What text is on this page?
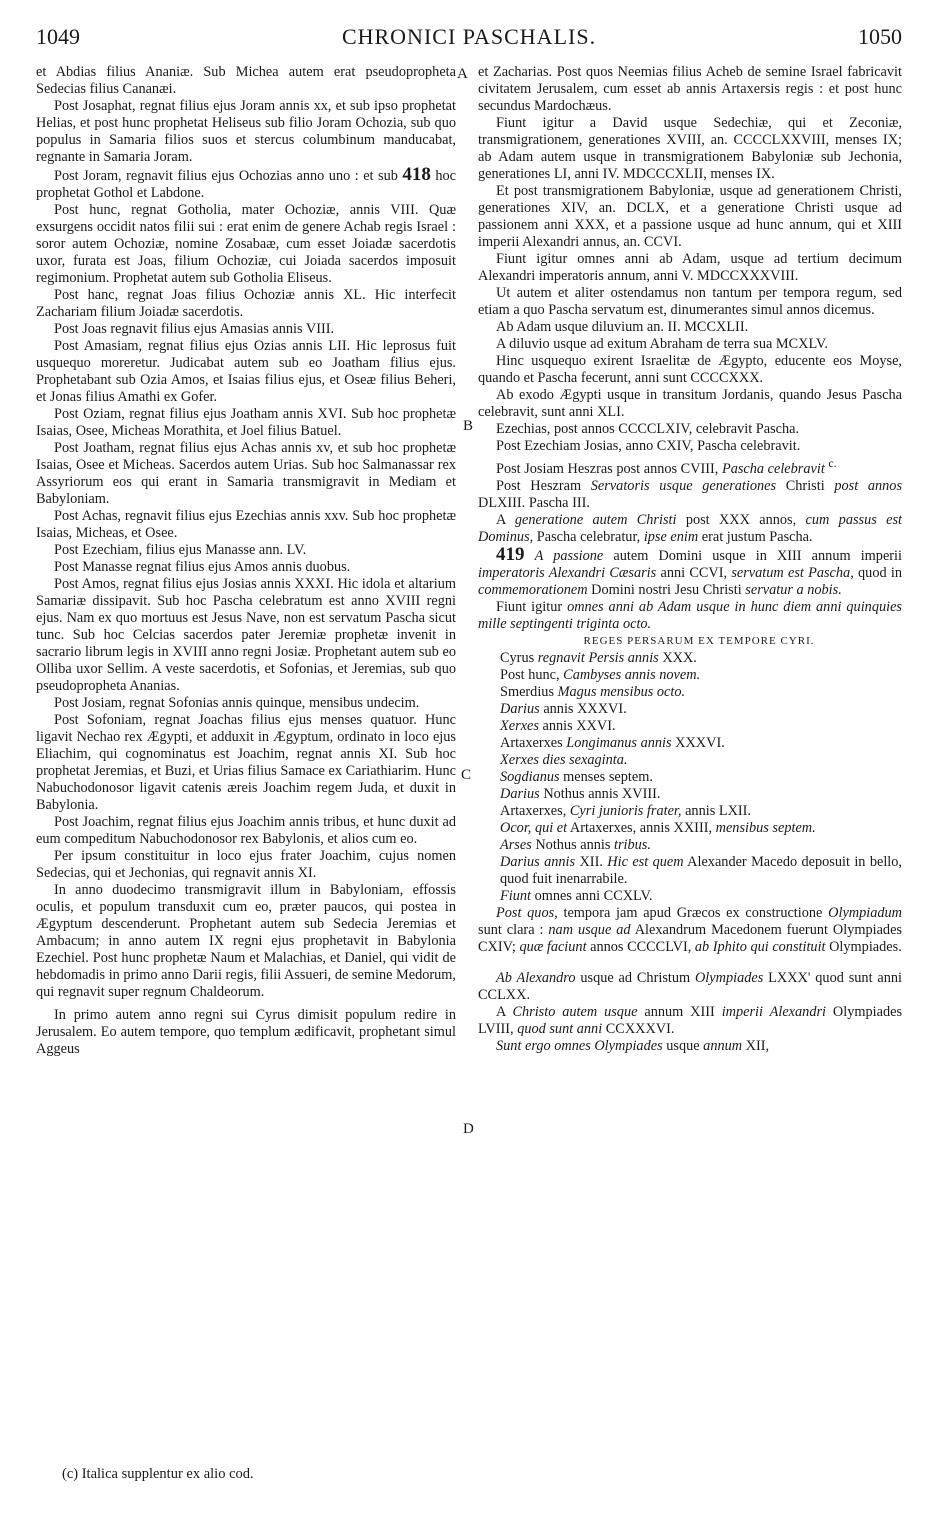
1049	CHRONICI PASCHALIS.	1050
A
B
C
D

et Abdias filius Ananiæ. Sub Michea autem erat pseudopropheta Sedecias filius Cananæi.

Post Josaphat, regnat filius ejus Joram annis xx, et sub ipso prophetat Helias, et post hunc prophetat Heliseus sub filio Joram Ochozia, sub quo populus in Samaria filios suos et stercus columbinum manducabat, regnante in Samaria Joram.

Post Joram, regnavit filius ejus Ochozias anno uno : et sub 418 hoc prophetat Gothol et Labdone.

Post hunc, regnat Gotholia, mater Ochoziæ, annis VIII. Quæ exsurgens occidit natos filii sui : erat enim de genere Achab regis Israel : soror autem Ochoziæ, nomine Zosabaæ, cum esset Joiadæ sacerdotis uxor, furata est Joas, filium Ochoziæ, cui Joiada sacerdos imposuit regimonium. Prophetat autem sub Gotholia Eliseus.

Post hanc, regnat Joas filius Ochoziæ annis XL. Hic interfecit Zachariam filium Joiadæ sacerdotis.

Post Joas regnavit filius ejus Amasias annis VIII.

Post Amasiam, regnat filius ejus Ozias annis LII. Hic leprosus fuit usquequo moreretur. Judicabat autem sub eo Joatham filius ejus. Prophetabant sub Ozia Amos, et Isaias filius ejus, et Oseæ filius Beheri, et Jonas filius Amathi ex Gofer.

Post Oziam, regnat filius ejus Joatham annis XVI. Sub hoc prophetæ Isaias, Osee, Micheas Morathita, et Joel filius Batuel.

Post Joatham, regnat filius ejus Achas annis xv, et sub hoc prophetæ Isaias, Osee et Micheas. Sacerdos autem Urias. Sub hoc Salmanassar rex Assyriorum eos qui erant in Samaria transmigravit in Mediam et Babyloniam.

Post Achas, regnavit filius ejus Ezechias annis xxv. Sub hoc prophetæ Isaias, Micheas, et Osee.

Post Ezechiam, filius ejus Manasse ann. LV.

Post Manasse regnat filius ejus Amos annis duobus.

Post Amos, regnat filius ejus Josias annis XXXI. Hic idola et altarium Samariæ dissipavit. Sub hoc Pascha celebratum est anno XVIII regni ejus. Nam ex quo mortuus est Jesus Nave, non est servatum Pascha sicut tunc. Sub hoc Celcias sacerdos pater Jeremiæ prophetæ invenit in sacrario librum legis in XVIII anno regni Josiæ. Prophetant autem sub eo Olliba uxor Sellim. A veste sacerdotis, et Sofonias, et Jeremias, sub quo pseudopropheta Ananias.

Post Josiam, regnat Sofonias annis quinque, mensibus undecim.

Post Sofoniam, regnat Joachas filius ejus menses quatuor. Hunc ligavit Nechao rex Ægypti, et adduxit in Ægyptum, ordinato in loco ejus Eliachim, qui cognominatus est Joachim, regnat annis XI. Sub hoc prophetat Jeremias, et Buzi, et Urias filius Samace ex Cariathiarim. Hunc Nabuchodonosor ligavit catenis æreis Joachim regem Juda, et duxit in Babylonia.

Post Joachim, regnat filius ejus Joachim annis tribus, et hunc duxit ad eum compeditum Nabuchodonosor rex Babylonis, et alios cum eo.

Per ipsum constituitur in loco ejus frater Joachim, cujus nomen Sedecias, qui et Jechonias, qui regnavit annis XI.

In anno duodecimo transmigravit illum in Babyloniam, effossis oculis, et populum transduxit cum eo, præter paucos, qui postea in Ægyptum descenderunt. Prophetant autem sub Sedecia Jeremias et Ambacum; in anno autem IX regni ejus prophetavit in Babylonia Ezechiel. Post hunc prophetæ Naum et Malachias, et Daniel, qui vidit de hebdomadis in primo anno Darii regis, filii Assueri, de semine Medorum, qui regnavit super regnum Chaldeorum.

In primo autem anno regni sui Cyrus dimisit populum redire in Jerusalem. Eo autem tempore, quo templum ædificavit, prophetant simul Aggeus

et Zacharias. Post quos Neemias filius Acheb de semine Israel fabricavit civitatem Jerusalem, cum esset ab annis Artaxersis regis : et post hunc secundus Mardochæus.

Fiunt igitur a David usque Sedechiæ, qui et Zeconiæ, transmigrationem, generationes XVIII, an. CCCCLXXVIII, menses IX; ab Adam autem usque in transmigrationem Babyloniæ sub Jechonia, generationes LI, anni IV. MDCCCXLII, menses IX.

Et post transmigrationem Babyloniæ, usque ad generationem Christi, generationes XIV, an. DCLX, et a generatione Christi usque ad passionem anni XXX, et a passione usque ad hunc annum, qui et XIII imperii Alexandri annus, an. CCVI.

Fiunt igitur omnes anni ab Adam, usque ad tertium decimum Alexandri imperatoris annum, anni V. MDCCXXXVIII.

Ut autem et aliter ostendamus non tantum per tempora regum, sed etiam a quo Pascha servatum est, dinumerantes simul annos dicemus.

Ab Adam usque diluvium an. II. MCCXLII.

A diluvio usque ad exitum Abraham de terra sua MCXLV.

Hinc usquequo exirent Israelitæ de Ægypto, educente eos Moyse, quando et Pascha fecerunt, anni sunt CCCCXXX.

Ab exodo Ægypti usque in transitum Jordanis, quando Jesus Pascha celebravit, sunt anni XLI.

Ezechias, post annos CCCCLXIV, celebravit Pascha.

Post Ezechiam Josias, anno CXIV, Pascha celebravit.

Post Josiam Heszras post annos CVIII, Pascha celebravit $^{c.}$

Post Heszram Servatoris usque generationes Christi post annos DLXIII. Pascha III.

A generatione autem Christi post XXX annos, cum passus est Dominus, Pascha celebratur, ipse enim erat justum Pascha.

419 A passione autem Domini usque in XIII annum imperii imperatoris Alexandri Cæsaris anni CCVI, servatum est Pascha, quod in commemorationem Domini nostri Jesu Christi servatur a nobis.

Fiunt igitur omnes anni ab Adam usque in hunc diem anni quinquies mille septingenti triginta octo.

REGES PERSARUM EX TEMPORE CYRI.

Cyrus regnavit Persis annis XXX.

Post hunc, Cambyses annis novem.

Smerdius Magus mensibus octo.

Darius annis XXXVI.

Xerxes annis XXVI.

Artaxerxes Longimanus annis XXXVI.

Xerxes dies sexaginta.

Sogdianus menses septem.

Darius Nothus annis XVIII.

Artaxerxes, Cyri junioris frater, annis LXII.

Ocor, qui et Artaxerxes, annis XXIII, mensibus septem.

Arses Nothus annis tribus.

Darius annis XII. Hic est quem Alexander Macedo deposuit in bello, quod fuit inenarrabile.

Fiunt omnes anni CCXLV.

Post quos, tempora jam apud Græcos ex constructione Olympiadum sunt clara : nam usque ad Alexandrum Macedonem fuerunt Olympiades CXIV; quæ faciunt annos CCCCLVI, ab Iphito qui constituit Olympiades.

Ab Alexandro usque ad Christum Olympiades LXXX' quod sunt anni CCLXX.

A Christo autem usque annum XIII imperii Alexandri Olympiades LVIII, quod sunt anni CCXXXVI.

Sunt ergo omnes Olympiades usque annum XII,

(c) Italica supplentur ex alio cod.
